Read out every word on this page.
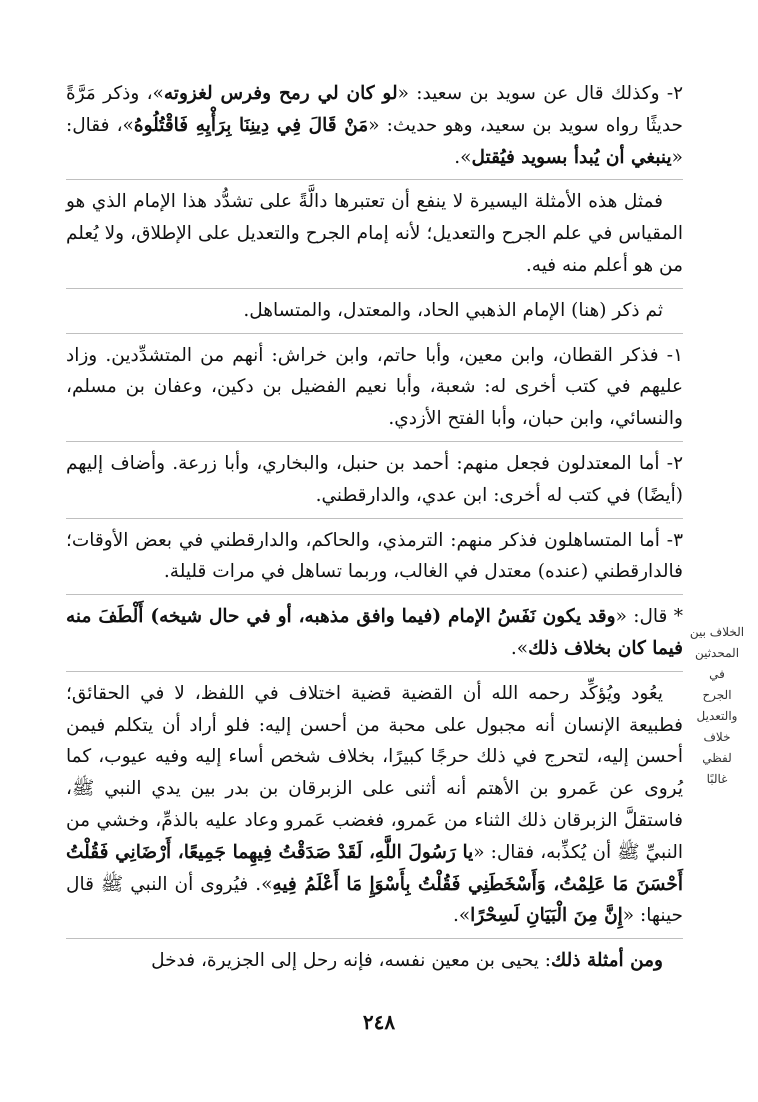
٢- وكذلك قال عن سويد بن سعيد: «لو كان لي رمح وفرس لغزوته»، وذكر مَرَّةً حديثًا رواه سويد بن سعيد، وهو حديث: «مَنْ قَالَ فِي دِينِنَا بِرَأْيِهِ فَاقْتُلُوهُ»، فقال: «ينبغي أن يُبدأ بسويد فيُقتل».

فمثل هذه الأمثلة اليسيرة لا ينفع أن تعتبرها دالَّةً على تشدُّد هذا الإمام الذي هو المقياس في علم الجرح والتعديل؛ لأنه إمام الجرح والتعديل على الإطلاق، ولا يُعلم من هو أعلم منه فيه.

ثم ذكر (هنا) الإمام الذهبي الحاد، والمعتدل، والمتساهل.

١- فذكر القطان، وابن معين، وأبا حاتم، وابن خراش: أنهم من المتشدِّدين. وزاد عليهم في كتب أخرى له: شعبة، وأبا نعيم الفضيل بن دكين، وعفان بن مسلم، والنسائي، وابن حبان، وأبا الفتح الأزدي.

٢- أما المعتدلون فجعل منهم: أحمد بن حنبل، والبخاري، وأبا زرعة. وأضاف إليهم (أيضًا) في كتب له أخرى: ابن عدي، والدارقطني.

٣- أما المتساهلون فذكر منهم: الترمذي، والحاكم، والدارقطني في بعض الأوقات؛ فالدارقطني (عنده) معتدل في الغالب، وربما تساهل في مرات قليلة.

* قال: «وقد يكون نَفَسُ الإمام (فيما وافق مذهبه، أو في حال شيخه) أَلْطَفَ منه فيما كان بخلاف ذلك».

يعُود ويُؤكِّد رحمه الله أن القضية قضية اختلاف في اللفظ، لا في الحقائق؛ فطبيعة الإنسان أنه مجبول على محبة من أحسن إليه: فلو أراد أن يتكلم فيمن أحسن إليه، لتحرج في ذلك حرجًا كبيرًا، بخلاف شخص أساء إليه وفيه عيوب، كما يُروى عن عَمرو بن الأهتم أنه أثنى على الزبرقان بن بدر بين يدي النبي ﷺ، فاستقلَّ الزبرقان ذلك الثناء من عَمرو، فغضب عَمرو وعاد عليه بالذمِّ، وخشي من النبيِّ ﷺ أن يُكذِّبه، فقال: «يا رَسُولَ اللَّهِ، لَقَدْ صَدَقْتُ فِيهِما جَمِيعًا، أَرْضَانِي فَقُلْتُ أَحْسَنَ مَا عَلِمْتُ، وَأَسْخَطَنِي فَقُلْتُ بِأَسْوَإِ مَا أَعْلَمُ فِيهِ». فيُروى أن النبي ﷺ قال حينها: «إِنَّ مِنَ الْبَيَانِ لَسِحْرًا».

ومن أمثلة ذلك: يحيى بن معين نفسه، فإنه رحل إلى الجزيرة، فدخل

الخلاف بين
المحدثين في
الجرح
والتعديل
خلاف لفظي
غالبًا
٢٤٨
